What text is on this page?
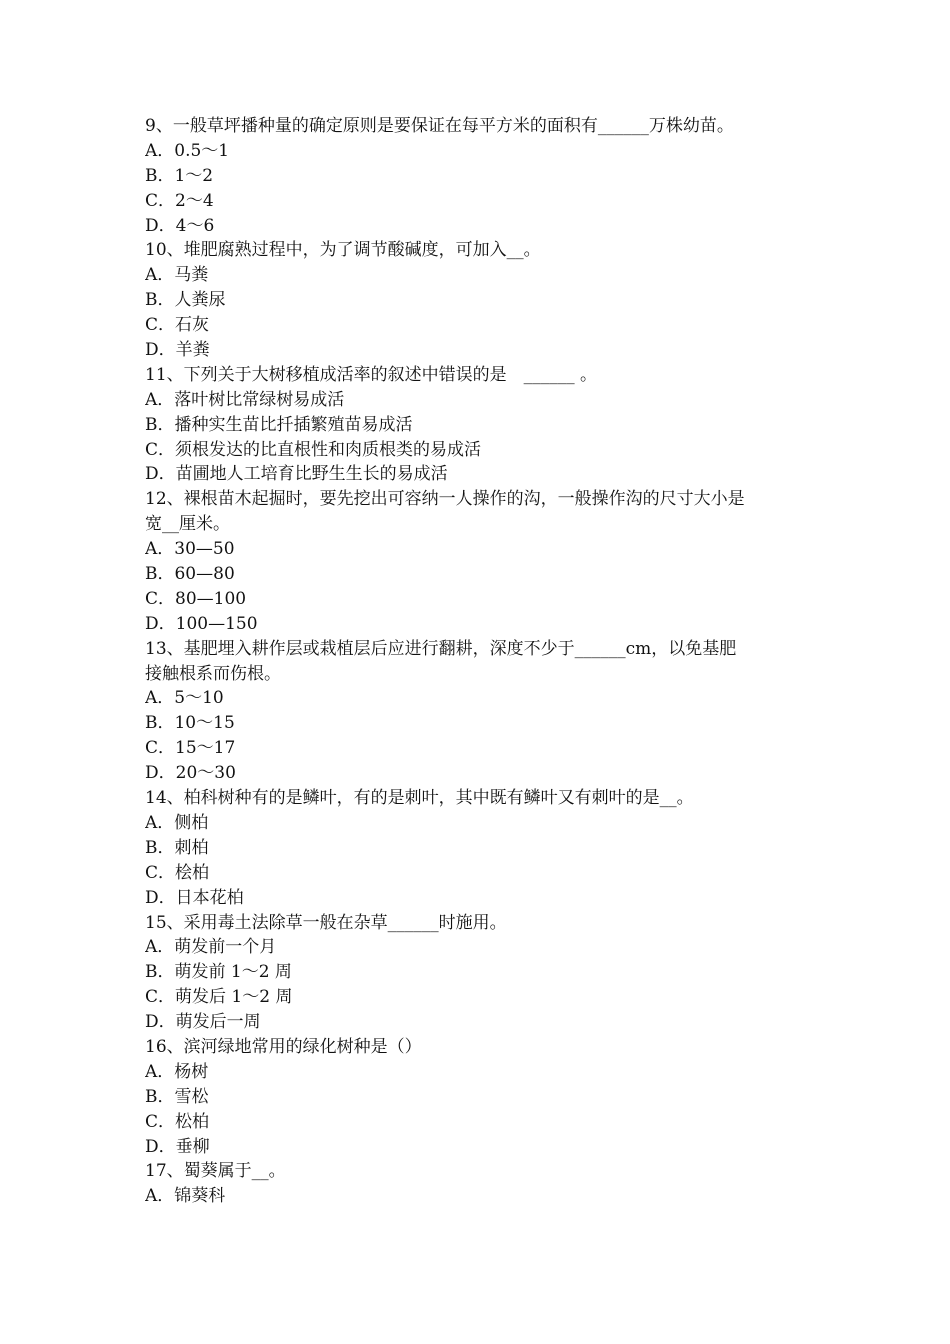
9、一般草坪播种量的确定原则是要保证在每平方米的面积有______万株幼苗。
A．0.5～1
B．1～2
C．2～4
D．4～6
10、堆肥腐熟过程中，为了调节酸碱度，可加入__。
A．马粪
B．人粪尿
C．石灰
D．羊粪
11、下列关于大树移植成活率的叙述中错误的是　______ 。
A．落叶树比常绿树易成活
B．播种实生苗比扦插繁殖苗易成活
C．须根发达的比直根性和肉质根类的易成活
D．苗圃地人工培育比野生生长的易成活
12、裸根苗木起掘时，要先挖出可容纳一人操作的沟，一般操作沟的尺寸大小是
宽__厘米。
A．30—50
B．60—80
C．80—100
D．100—150
13、基肥埋入耕作层或栽植层后应进行翻耕，深度不少于______cm，以免基肥
接触根系而伤根。
A．5～10
B．10～15
C．15～17
D．20～30
14、柏科树种有的是鳞叶，有的是刺叶，其中既有鳞叶又有刺叶的是__。
A．侧柏
B．刺柏
C．桧柏
D．日本花柏
15、采用毒土法除草一般在杂草______时施用。
A．萌发前一个月
B．萌发前 1～2 周
C．萌发后 1～2 周
D．萌发后一周
16、滨河绿地常用的绿化树种是（）
A．杨树
B．雪松
C．松柏
D．垂柳
17、蜀葵属于__。
A．锦葵科
